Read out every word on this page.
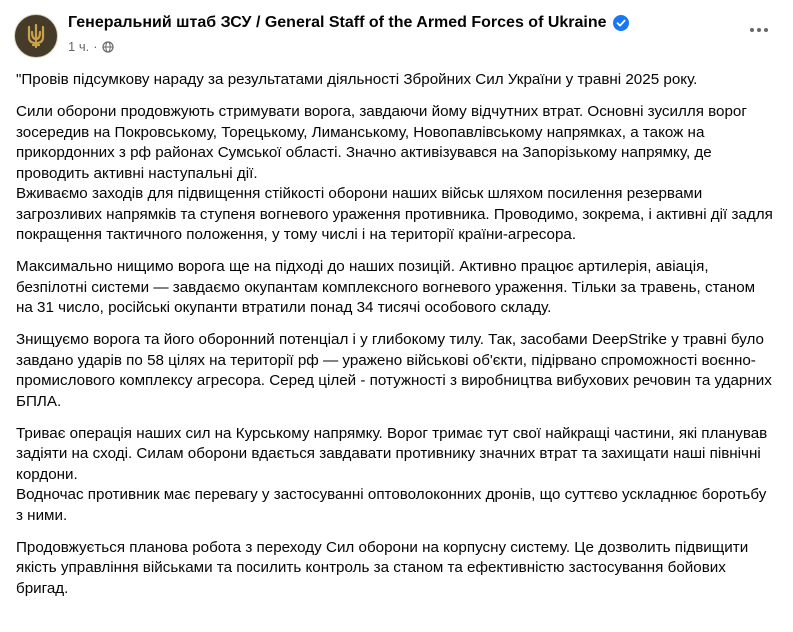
Генеральний штаб ЗСУ / General Staff of the Armed Forces of Ukraine
1 ч. ·

"Провів підсумкову нараду за результатами діяльності Збройних Сил України у травні 2025 року.

Сили оборони продовжують стримувати ворога, завдаючи йому відчутних втрат. Основні зусилля ворог зосередив на Покровському, Торецькому, Лиманському, Новопавлівському напрямках, а також на прикордонних з рф районах Сумської області. Значно активізувався на Запорізькому напрямку, де проводить активні наступальні дії.
Вживаємо заходів для підвищення стійкості оборони наших військ шляхом посилення резервами загрозливих напрямків та ступеня вогневого ураження противника. Проводимо, зокрема, і активні дії задля покращення тактичного положення, у тому числі і на території країни-агресора.

Максимально нищимо ворога ще на підході до наших позицій. Активно працює артилерія, авіація, безпілотні системи — завдаємо окупантам комплексного вогневого ураження. Тільки за травень, станом на 31 число, російські окупанти втратили понад 34 тисячі особового складу.

Знищуємо ворога та його оборонний потенціал і у глибокому тилу. Так, засобами DeepStrike у травні було завдано ударів по 58 цілях на території рф — уражено військові об'єкти, підірвано спроможності воєнно-промислового комплексу агресора. Серед цілей - потужності з виробництва вибухових речовин та ударних БПЛА.

Триває операція наших сил на Курському напрямку. Ворог тримає тут свої найкращі частини, які планував задіяти на сході. Силам оборони вдається завдавати противнику значних втрат та захищати наші північні кордони.
Водночас противник має перевагу у застосуванні оптоволоконних дронів, що суттєво ускладнює боротьбу з ними.

Продовжується планова робота з переходу Сил оборони на корпусну систему. Це дозволить підвищити якість управління військами та посилить контроль за станом та ефективністю застосування бойових бригад.
